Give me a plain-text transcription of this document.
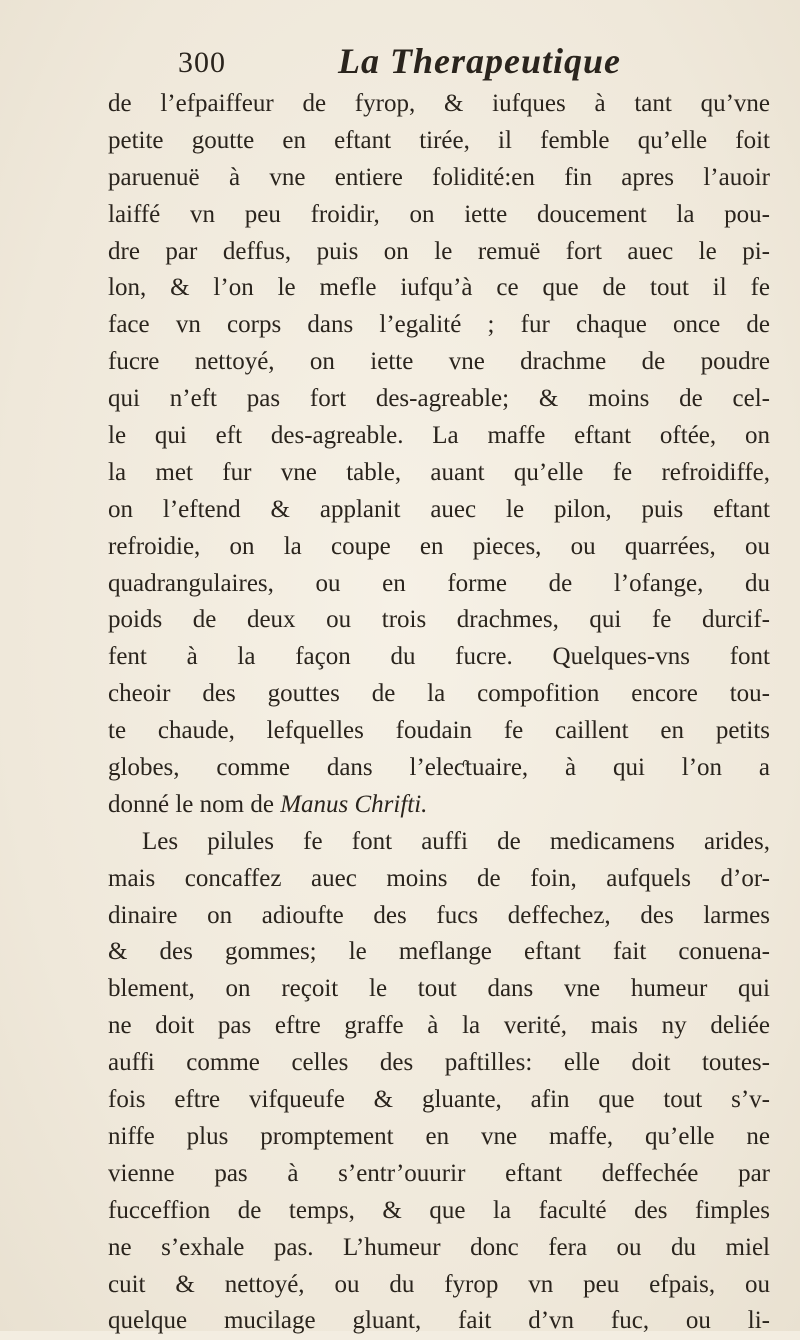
300	La Therapeutique
de l’efpaiffeur de fyrop, & iufques à tant qu’vne
petite goutte en eftant tirée, il femble qu’elle foit
paruenuë à vne entiere folidité:en fin apres l’auoir
laiffé vn peu froidir, on iette doucement la pou-
dre par deffus, puis on le remuë fort auec le pi-
lon, & l’on le mefle iufqu’à ce que de tout il fe
face vn corps dans l’egalité ; fur chaque once de
fucre nettoyé, on iette vne drachme de poudre
qui n’eft pas fort des-agreable; & moins de cel-
le qui eft des-agreable. La maffe eftant oftée, on
la met fur vne table, auant qu’elle fe refroidiffe,
on l’eftend & applanit auec le pilon, puis eftant
refroidie, on la coupe en pieces, ou quarrées, ou
quadrangulaires, ou en forme de l’ofange, du
poids de deux ou trois drachmes, qui fe durcif-
fent à la façon du fucre. Quelques-vns font
cheoir des gouttes de la compofition encore tou-
te chaude, lefquelles foudain fe caillent en petits
globes, comme dans l’eleƈtuaire, à qui l’on a
donné le nom de Manus Chrifti.
Les pilules fe font auffi de medicamens arides,
mais concaffez auec moins de foin, aufquels d’or-
dinaire on adioufte des fucs deffechez, des larmes
& des gommes; le meflange eftant fait conuena-
blement, on reçoit le tout dans vne humeur qui
ne doit pas eftre graffe à la verité, mais ny deliée
auffi comme celles des paftilles: elle doit toutes-
fois eftre vifqueufe & gluante, afin que tout s’v-
niffe plus promptement en vne maffe, qu’elle ne
vienne pas à s’entr’ouurir eftant deffechée par
fucceffion de temps, & que la faculté des fimples
ne s’exhale pas. L’humeur donc fera ou du miel
cuit & nettoyé, ou du fyrop vn peu efpais, ou
quelque mucilage gluant, fait d’vn fuc, ou li-
